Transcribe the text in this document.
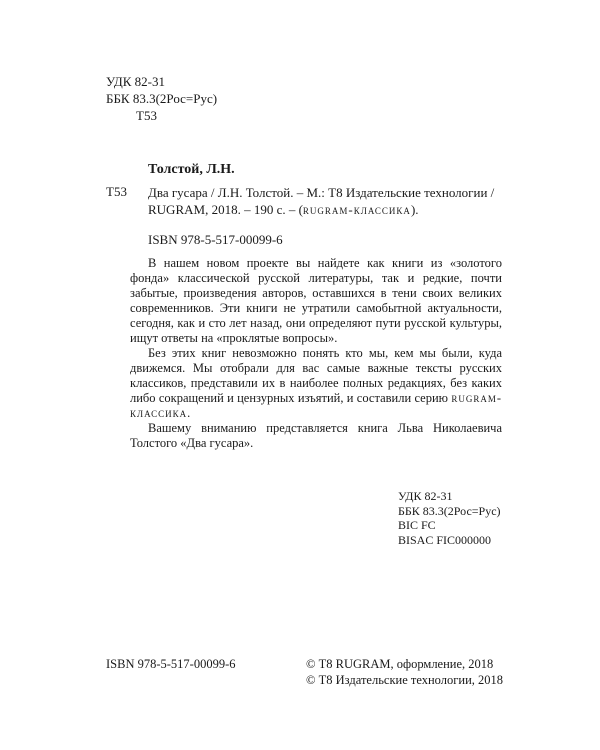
УДК 82-31
ББК 83.3(2Рос=Рус)
Т53
Толстой, Л.Н.
Т53 Два гусара / Л.Н. Толстой. – М.: Т8 Издательские технологии /
RUGRAM, 2018. – 190 с. – (rugram-классика).
ISBN 978-5-517-00099-6

В нашем новом проекте вы найдете как книги из «золотого фонда» классической русской литературы, так и редкие, почти забытые, произведения авторов, оставшихся в тени своих великих современников. Эти книги не утратили самобытной актуальности, сегодня, как и сто лет назад, они определяют пути русской культуры, ищут ответы на «проклятые вопросы».

Без этих книг невозможно понять кто мы, кем мы были, куда движемся. Мы отобрали для вас самые важные тексты русских классиков, представили их в наиболее полных редакциях, без каких либо сокращений и цензурных изъятий, и составили серию rugram-классика.

Вашему вниманию представляется книга Льва Николаевича Толстого «Два гусара».

УДК 82-31
ББК 83.3(2Рос=Рус)
BIC FC
BISAC FIC000000
ISBN 978-5-517-00099-6	© Т8 RUGRAM, оформление, 2018
© Т8 Издательские технологии, 2018
